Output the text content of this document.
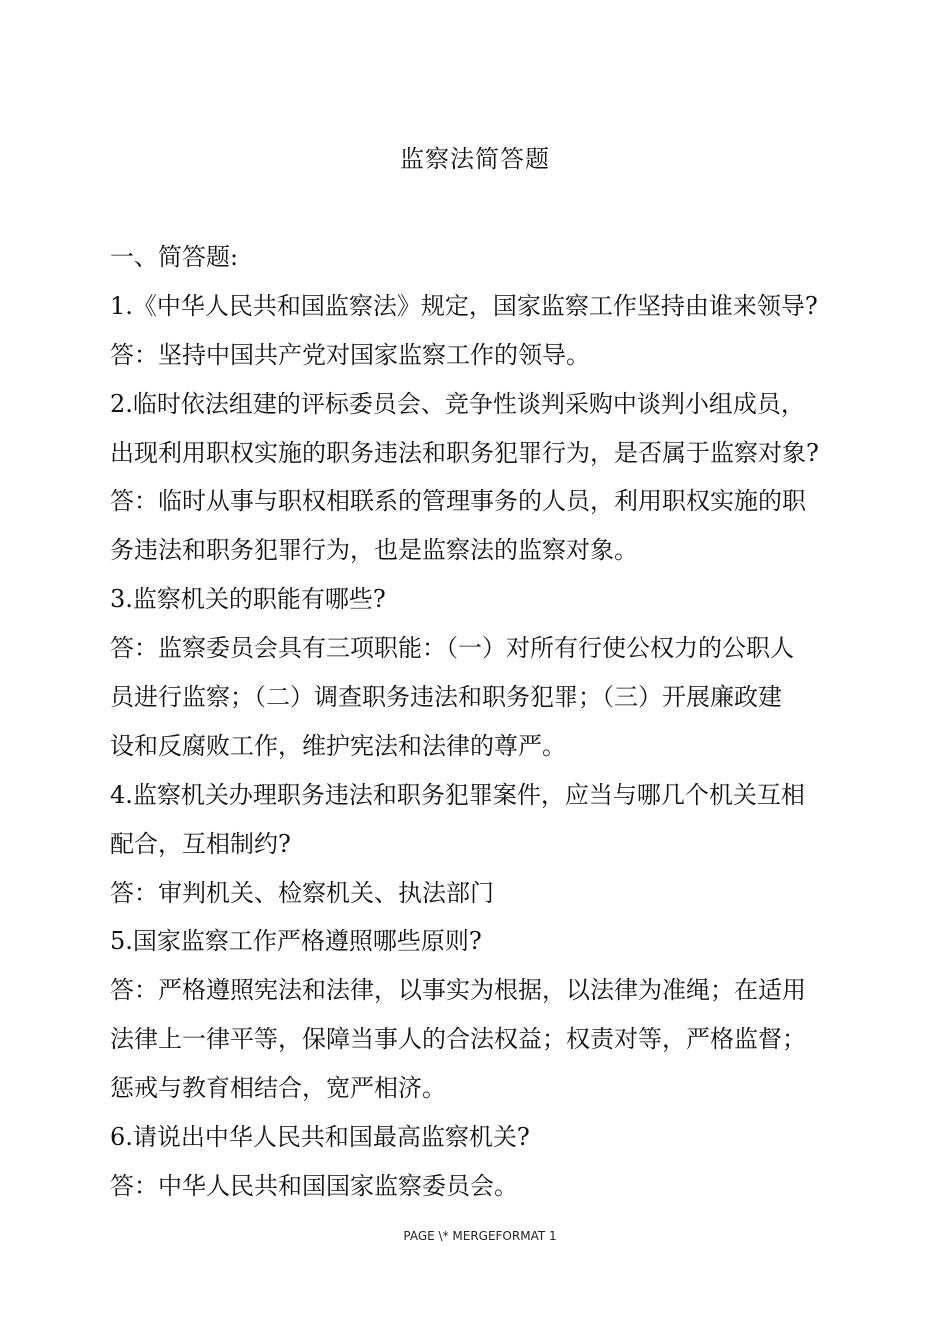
监察法简答题
一、简答题:
1.《中华人民共和国监察法》规定，国家监察工作坚持由谁来领导?
答：坚持中国共产党对国家监察工作的领导。
2.临时依法组建的评标委员会、竞争性谈判采购中谈判小组成员，
出现利用职权实施的职务违法和职务犯罪行为，是否属于监察对象?
答：临时从事与职权相联系的管理事务的人员，利用职权实施的职
务违法和职务犯罪行为，也是监察法的监察对象。
3.监察机关的职能有哪些?
答：监察委员会具有三项职能：（一）对所有行使公权力的公职人
员进行监察；（二）调查职务违法和职务犯罪；（三）开展廉政建
设和反腐败工作，维护宪法和法律的尊严。
4.监察机关办理职务违法和职务犯罪案件，应当与哪几个机关互相
配合，互相制约?
答：审判机关、检察机关、执法部门
5.国家监察工作严格遵照哪些原则?
答：严格遵照宪法和法律，以事实为根据，以法律为准绳；在适用
法律上一律平等，保障当事人的合法权益；权责对等，严格监督；
惩戒与教育相结合，宽严相济。
6.请说出中华人民共和国最高监察机关?
答：中华人民共和国国家监察委员会。
PAGE \* MERGEFORMAT 1
